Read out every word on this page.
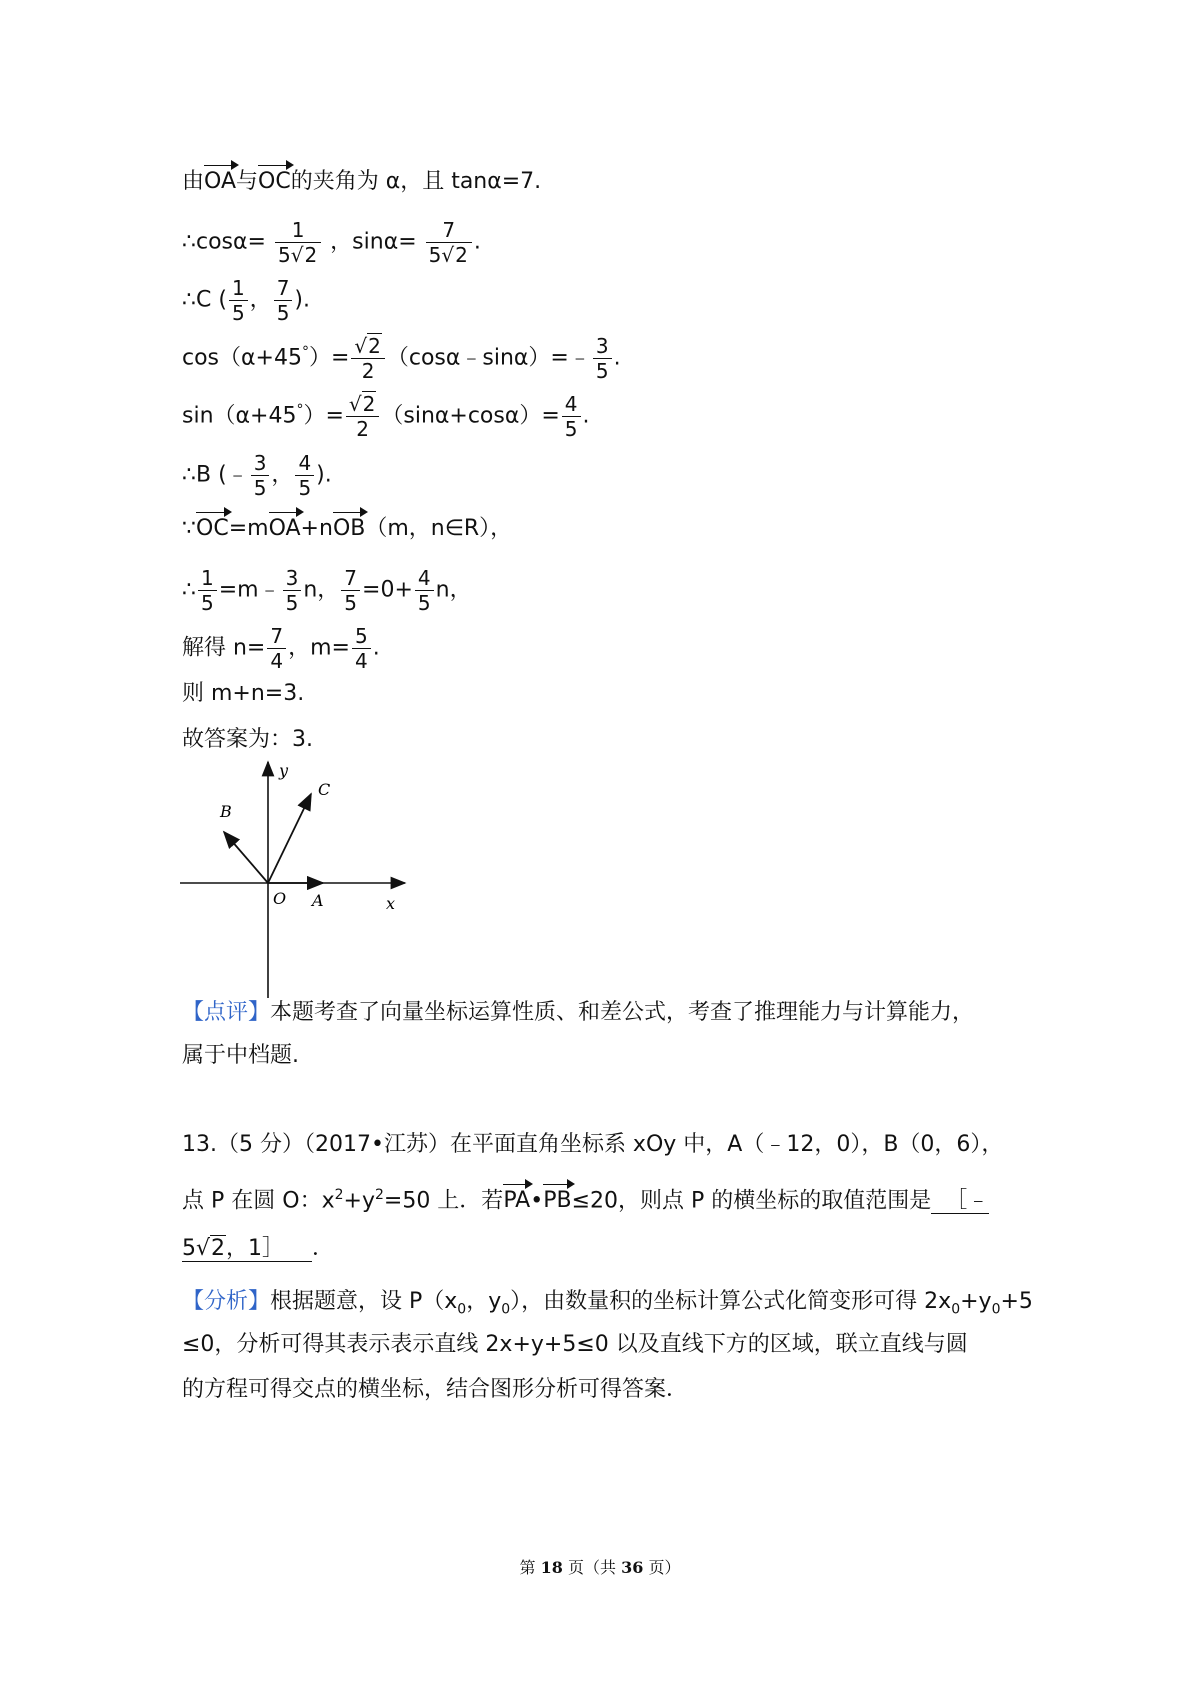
由OA与OC的夹角为 α，且 tanα=7.
∴cosα= $\frac{1}{5√2}$ ，$\sin\alpha= \frac{7}{5√2}$ .
∴C ( $\frac{1}{5}$ ， $\frac{7}{5}$ ).
$\cos(\alpha+45^\circ)= \frac{√2}{2}$ （cosα﹣sinα）=﹣ $\frac{3}{5}$ .
$\sin(\alpha+45^\circ)= \frac{√2}{2} (\sin\alpha+\cos\alpha)= \frac{4}{5}$ .
∴B (﹣ $\frac{3}{5}$ ， $\frac{4}{5}$ ).
∵OC=mOA+nOB（m，n∈R），
∴ $\frac{1}{5}$ =m﹣ $\frac{3}{5}$ n， $\frac{7}{5} =0+ \frac{4}{5}$ n，
解得 $n= \frac{7}{4}$ ，$m= \frac{5}{4}$ .
则 m+n=3.
故答案为：3.
y
C
B
O A	x
【点评】本题考查了向量坐标运算性质、和差公式，考查了推理能力与计算能力，
属于中档题.
13.（5 分）（2017•江苏）在平面直角坐标系 xOy 中，A（﹣12，0），B（0，6），
点 P 在圆 O：$x^2+y^2=50$ 上．若PA•PB≤20，则点 P 的横坐标的取值范围是 ［﹣
5√2，1］ ．
【分析】根据题意，设 $P(x_0$，$y_0$），由数量积的坐标计算公式化简变形可得 $2x_0+y_0+5$
≤0，分析可得其表示表示直线 2x+y+5≤0 以及直线下方的区域，联立直线与圆
的方程可得交点的横坐标，结合图形分析可得答案．
第 18 页（共 36 页）
